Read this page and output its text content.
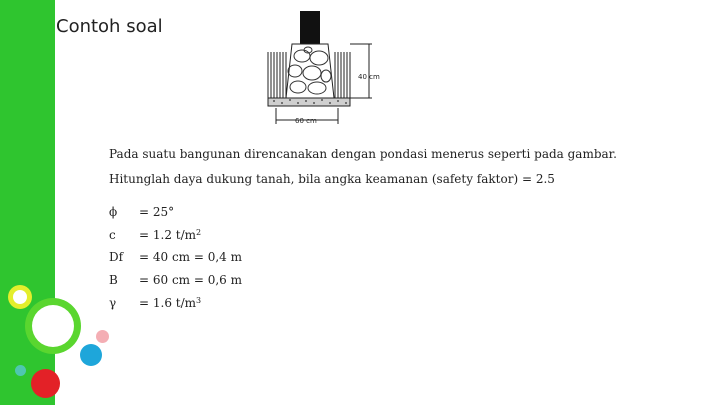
Contoh soal
40 cm
60 cm
Pada suatu bangunan direncanakan dengan pondasi menerus seperti pada gambar.
Hitunglah daya dukung tanah, bila angka keamanan (safety faktor) = 2.5
ϕ = 25°
c = 1.2 $t/m^2$
Df = 40 cm = 0,4 m
B = 60 cm = 0,6 m
γ = 1.6 $t/m^3$
